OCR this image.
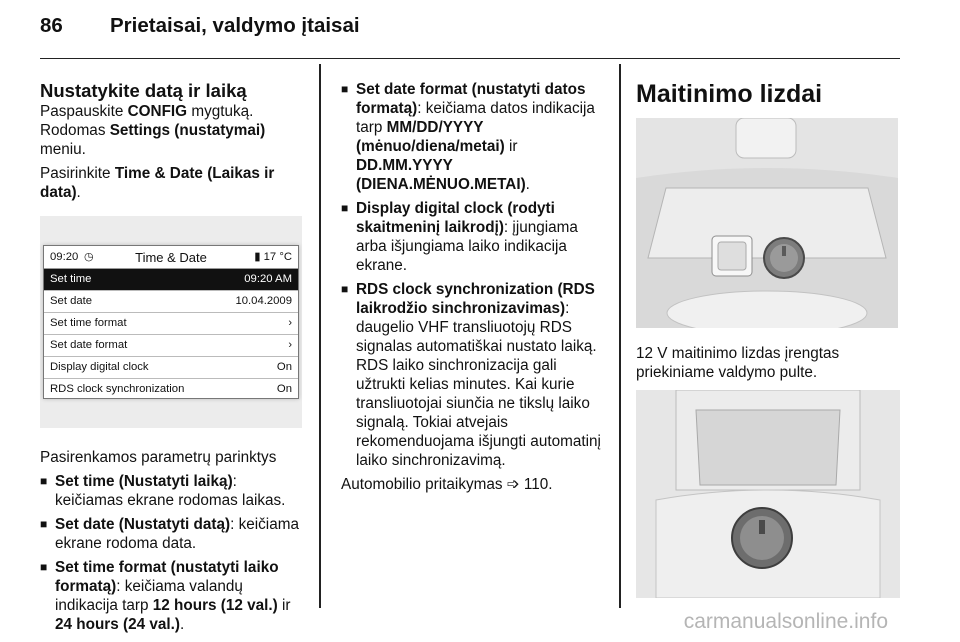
86 Prietaisai, valdymo įtaisai
Nustatykite datą ir laiką

Paspauskite CONFIG mygtuką. Rodomas Settings (nustatymai) meniu.

Pasirinkite Time & Date (Laikas ir data).

09:20 ◷	Time & Date	▮ 17 °C
Set time	09:20 AM
Set date	10.04.2009
Set time format	›
Set date format	›
Display digital clock	On
RDS clock synchronization	On

Pasirenkamos parametrų parinktys

■ Set time (Nustatyti laiką): keičiamas ekrane rodomas laikas.
■ Set date (Nustatyti datą): keičiama ekrane rodoma data.
■ Set time format (nustatyti laiko formatą): keičiama valandų indikacija tarp 12 hours (12 val.) ir 24 hours (24 val.).
■ Set date format (nustatyti datos formatą): keičiama datos indikacija tarp MM/DD/YYYY (mėnuo/diena/metai) ir DD.MM.YYYY (DIENA.MĖNUO.METAI).
■ Display digital clock (rodyti skaitmeninį laikrodį): įjungiama arba išjungiama laiko indikacija ekrane.
■ RDS clock synchronization (RDS laikrodžio sinchronizavimas): daugelio VHF transliuotojų RDS signalas automatiškai nustato laiką. RDS laiko sinchronizacija gali užtrukti kelias minutes. Kai kurie transliuotojai siunčia ne tikslų laiko signalą. Tokiai atvejais rekomenduojama išjungti automatinį laiko sinchronizavimą.

Automobilio pritaikymas ➩ 110.

Maitinimo lizdai

12 V maitinimo lizdas įrengtas priekiniame valdymo pulte.

carmanualsonline.info
